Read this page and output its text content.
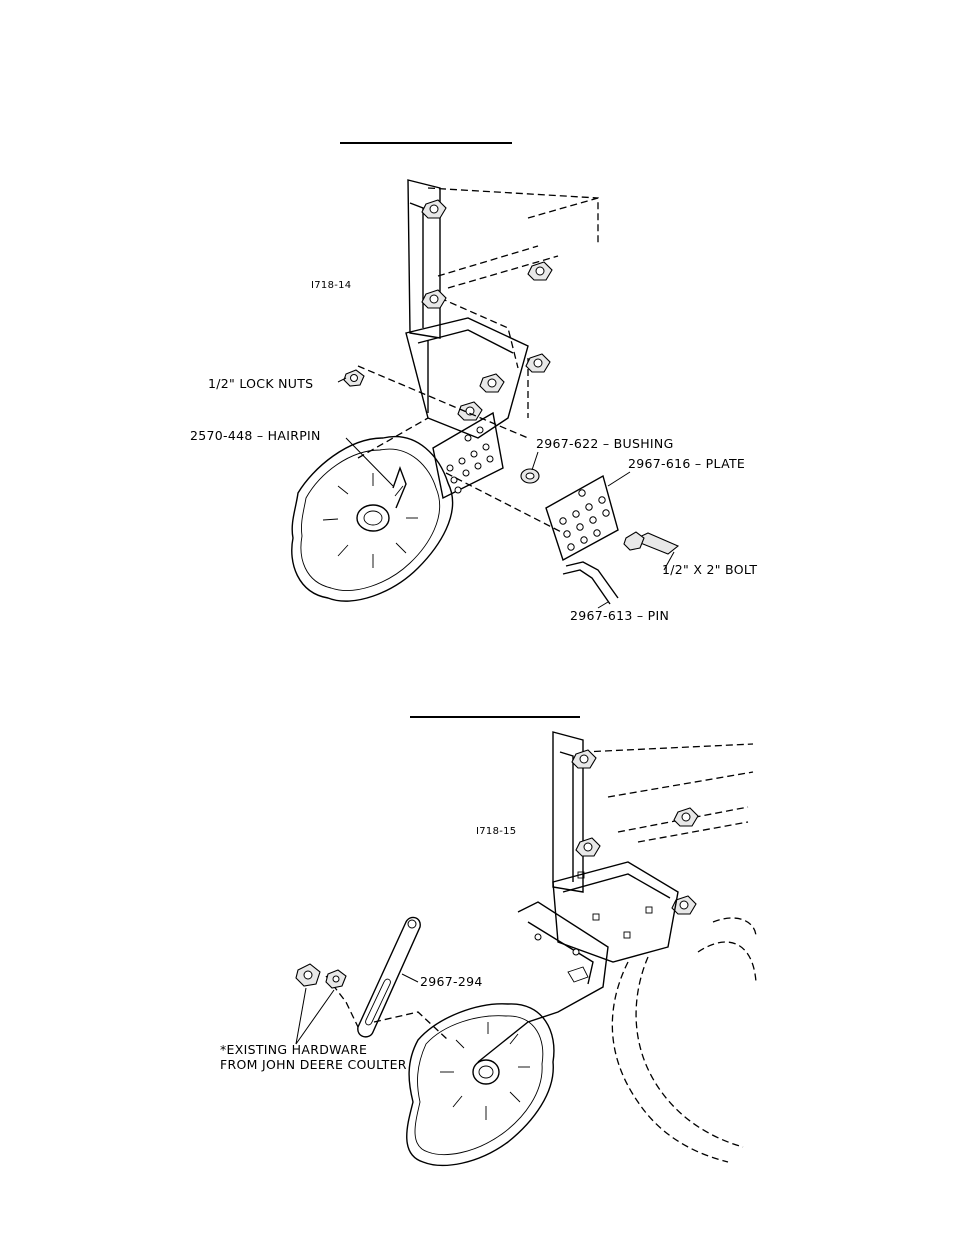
I718-14
1/2" LOCK NUTS
2570-448 – HAIRPIN
2967-622 – BUSHING
2967-616 – PLATE
1/2" X 2" BOLT
2967-613 – PIN
I718-15
2967-294
*EXISTING HARDWARE
FROM JOHN DEERE COULTER
